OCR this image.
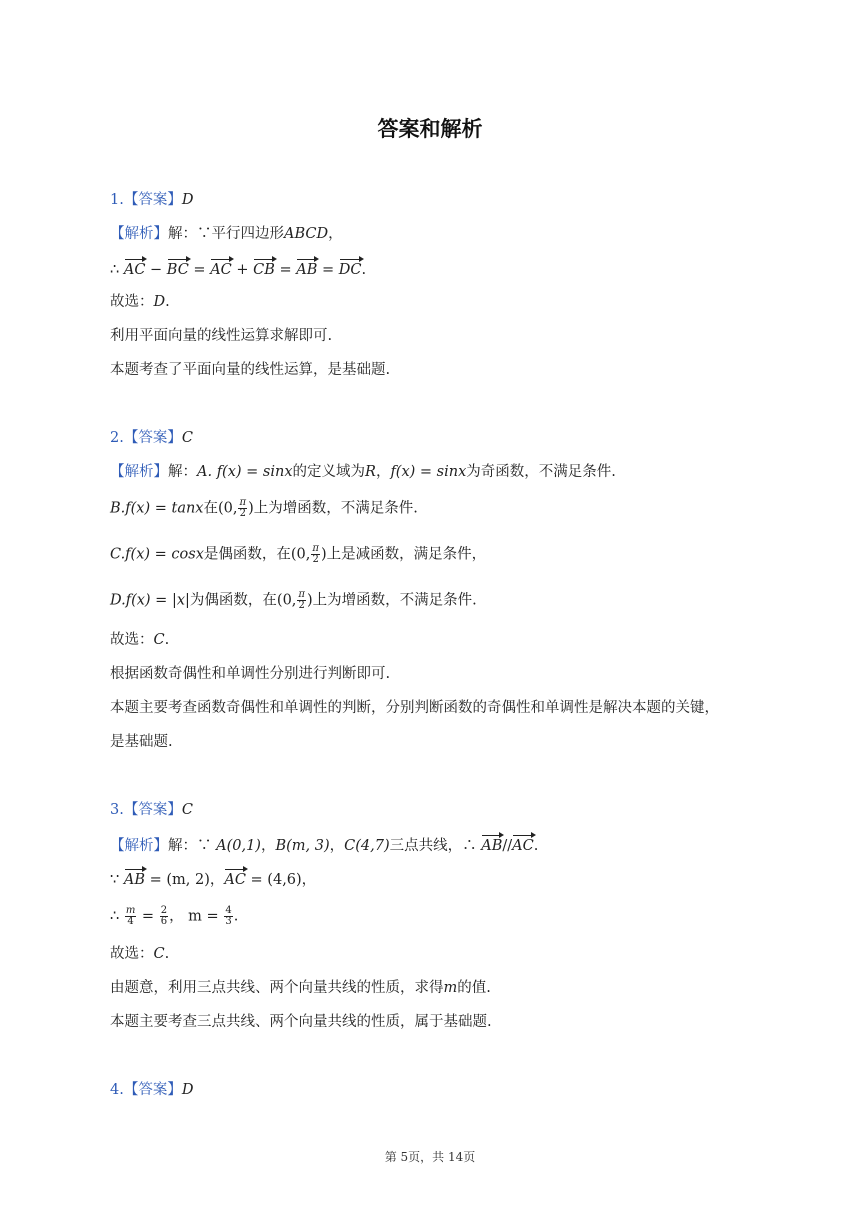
答案和解析
1.【答案】D
【解析】解：∵平行四边形ABCD，
∴ AC − BC = AC + CB = AB = DC.
故选：D.
利用平面向量的线性运算求解即可.
本题考查了平面向量的线性运算，是基础题.
2.【答案】C
【解析】解：A. f(x) = sinx的定义域为R，f(x) = sinx为奇函数，不满足条件.
B.f(x) = tanx在(0, $\frac{\pi}{2}$ )上为增函数，不满足条件.
C.f(x) = cosx是偶函数，在(0, $\frac{\pi}{2}$ )上是减函数，满足条件，
D.f(x) = |x|为偶函数，在(0, $\frac{\pi}{2}$ )上为增函数，不满足条件.
故选：C.
根据函数奇偶性和单调性分别进行判断即可.
本题主要考查函数奇偶性和单调性的判断，分别判断函数的奇偶性和单调性是解决本题的关键，
是基础题.
3.【答案】C
【解析】解：∵ A(0,1)，B(m, 3)，C(4,7)三点共线，∴ AB//AC.
∵ AB = (m, 2)，AC = (4,6)，
∴ $\frac{m}{4} = \frac{2}{6}$ ， $m = \frac{4}{3}$ .
故选：C.
由题意，利用三点共线、两个向量共线的性质，求得m的值.
本题主要考查三点共线、两个向量共线的性质，属于基础题.
4.【答案】D
第 5页，共 14页
